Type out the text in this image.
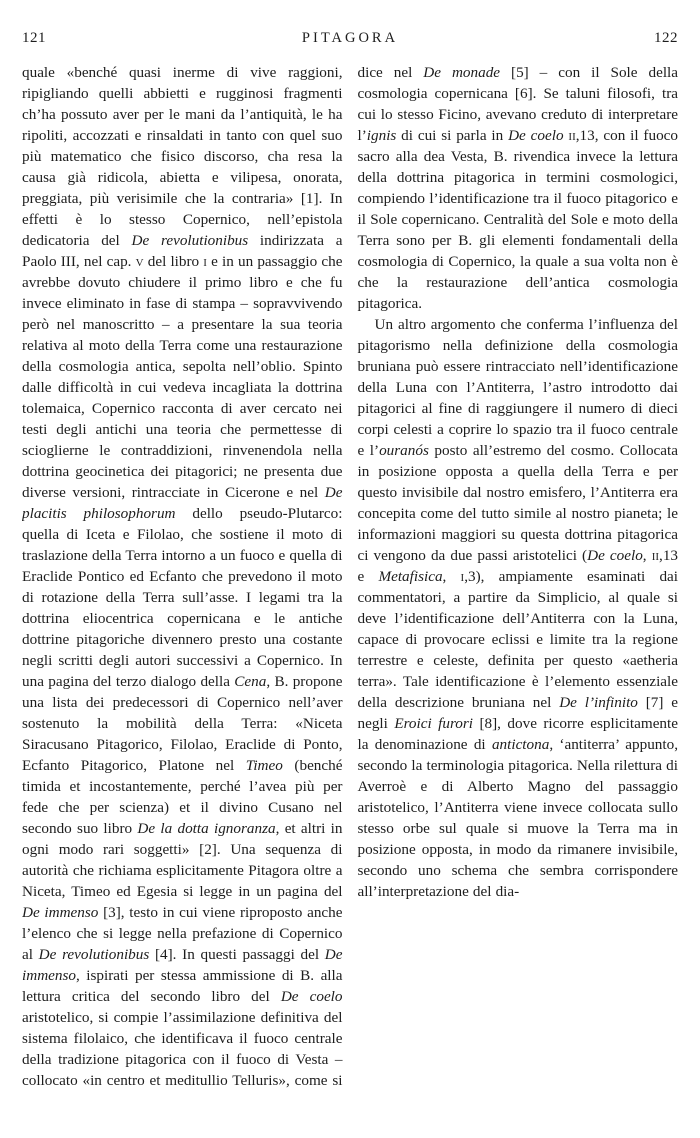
121	PITAGORA	122

quale «benché quasi inerme di vive raggioni, ripigliando quelli abbietti e rugginosi fragmenti ch’ha possuto aver per le mani da l’antiquità, le ha ripoliti, accozzati e rinsaldati in tanto con quel suo più matematico che fisico discorso, cha resa la causa già ridicola, abietta e vilipesa, onorata, preggiata, più verisimile che la contraria» [1]. In effetti è lo stesso Copernico, nell’epistola dedicatoria del De revolutionibus indirizzata a Paolo III, nel cap. v del libro i e in un passaggio che avrebbe dovuto chiudere il primo libro e che fu invece eliminato in fase di stampa – sopravvivendo però nel manoscritto – a presentare la sua teoria relativa al moto della Terra come una restaurazione della cosmologia antica, sepolta nell’oblio. Spinto dalle difficoltà in cui vedeva incagliata la dottrina tolemaica, Copernico racconta di aver cercato nei testi degli antichi una teoria che permettesse di scioglierne le contraddizioni, rinvenendola nella dottrina geocinetica dei pitagorici; ne presenta due diverse versioni, rintracciate in Cicerone e nel De placitis philosophorum dello pseudo-Plutarco: quella di Iceta e Filolao, che sostiene il moto di traslazione della Terra intorno a un fuoco e quella di Eraclide Pontico ed Ecfanto che prevedono il moto di rotazione della Terra sull’asse. I legami tra la dottrina eliocentrica copernicana e le antiche dottrine pitagoriche divennero presto una costante negli scritti degli autori successivi a Copernico. In una pagina del terzo dialogo della Cena, B. propone una lista dei predecessori di Copernico nell’aver sostenuto la mobilità della Terra: «Niceta Siracusano Pitagorico, Filolao, Eraclide di Ponto, Ecfanto Pitagorico, Platone nel Timeo (benché timida et incostantemente, perché l’avea più per fede che per scienza) et il divino Cusano nel secondo suo libro De la dotta ignoranza, et altri in ogni modo rari soggetti» [2]. Una sequenza di autorità che richiama esplicitamente Pitagora oltre a Niceta, Timeo ed Egesia si legge in un pagina del De immenso [3], testo in cui viene riproposto anche l’elenco che si legge nella prefazione di Copernico al De revolutionibus [4]. In questi passaggi del De immenso, ispirati per stessa ammissione di B. alla lettura critica del secondo libro del De coelo aristotelico, si compie l’assimilazione definitiva del sistema filolaico, che identificava il fuoco centrale della tradizione pitagorica con il fuoco di Vesta – collocato «in centro et meditullio Telluris», come si dice nel De monade [5] – con il Sole della cosmologia copernicana [6]. Se taluni filosofi, tra cui lo stesso Ficino, avevano creduto di interpretare l’ignis di cui si parla in De coelo ii,13, con il fuoco sacro alla dea Vesta, B. rivendica invece la lettura della dottrina pitagorica in termini cosmologici, compiendo l’identificazione tra il fuoco pitagorico e il Sole copernicano. Centralità del Sole e moto della Terra sono per B. gli elementi fondamentali della cosmologia di Copernico, la quale a sua volta non è che la restaurazione dell’antica cosmologia pitagorica.

Un altro argomento che conferma l’influenza del pitagorismo nella definizione della cosmologia bruniana può essere rintracciato nell’identificazione della Luna con l’Antiterra, l’astro introdotto dai pitagorici al fine di raggiungere il numero di dieci corpi celesti a coprire lo spazio tra il fuoco centrale e l’ouranós posto all’estremo del cosmo. Collocata in posizione opposta a quella della Terra e per questo invisibile dal nostro emisfero, l’Antiterra era concepita come del tutto simile al nostro pianeta; le informazioni maggiori su questa dottrina pitagorica ci vengono da due passi aristotelici (De coelo, ii,13 e Metafisica, i,3), ampiamente esaminati dai commentatori, a partire da Simplicio, al quale si deve l’identificazione dell’Antiterra con la Luna, capace di provocare eclissi e limite tra la regione terrestre e celeste, definita per questo «aetheria terra». Tale identificazione è l’elemento essenziale della descrizione bruniana nel De l’infinito [7] e negli Eroici furori [8], dove ricorre esplicitamente la denominazione di antictona, ‘antiterra’ appunto, secondo la terminologia pitagorica. Nella rilettura di Averroè e di Alberto Magno del passaggio aristotelico, l’Antiterra viene invece collocata sullo stesso orbe sul quale si muove la Terra ma in posizione opposta, in modo da rimanere invisibile, secondo uno schema che sembra corrispondere all’interpretazione del dia-
